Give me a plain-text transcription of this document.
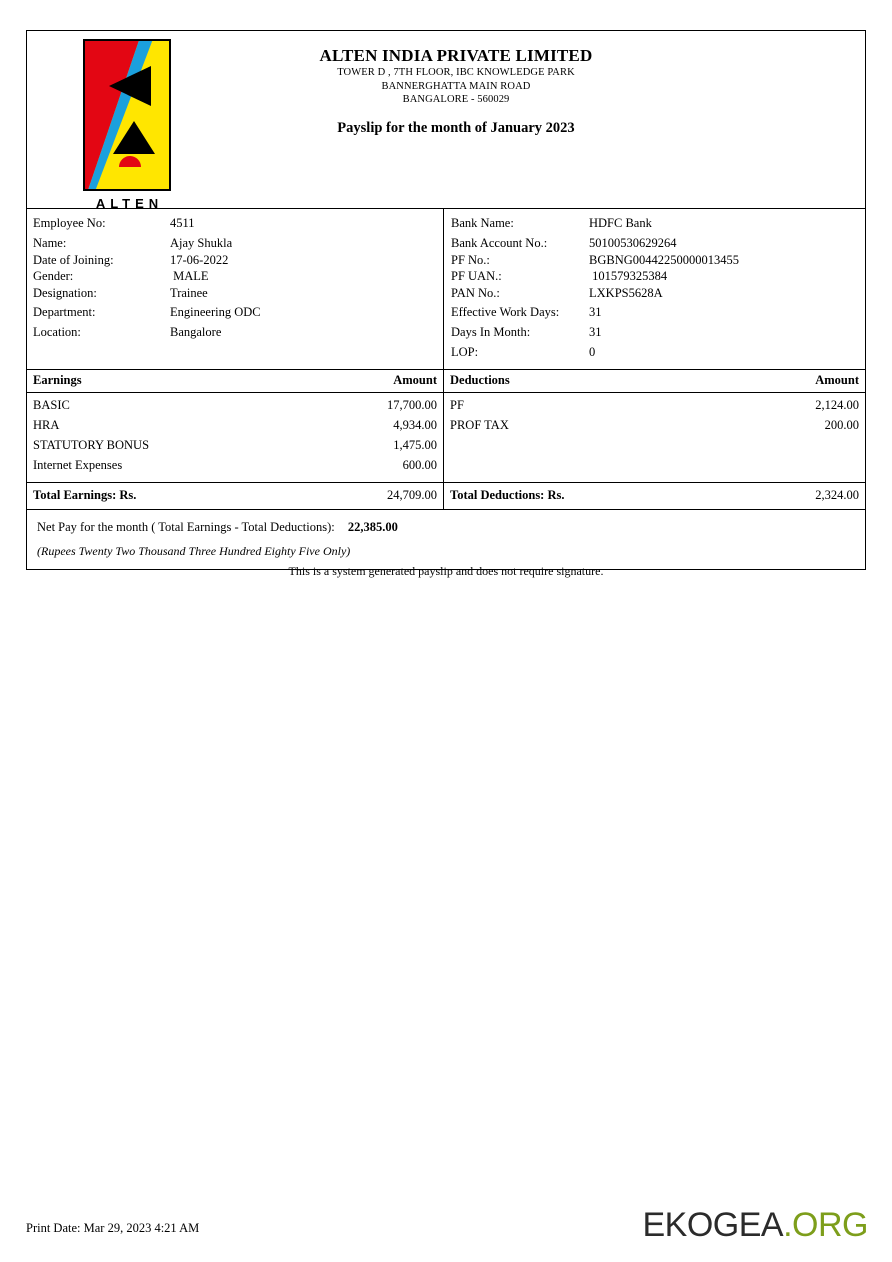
ALTEN
ALTEN INDIA PRIVATE LIMITED
TOWER D , 7TH FLOOR, IBC KNOWLEDGE PARK
BANNERGHATTA MAIN ROAD
BANGALORE - 560029
Payslip for the month of January 2023
Employee No:	4511
Name:	Ajay Shukla
Date of Joining:	17-06-2022
Gender:	MALE
Designation:	Trainee
Department:	Engineering ODC
Location:	Bangalore
Bank Name:	HDFC Bank
Bank Account No.:	50100530629264
PF No.:	BGBNG00442250000013455
PF UAN.:	101579325384
PAN No.:	LXKPS5628A
Effective Work Days:	31
Days In Month:	31
LOP:	0
Earnings	Amount
BASIC	17,700.00
HRA	4,934.00
STATUTORY BONUS	1,475.00
Internet Expenses	600.00
Total Earnings: Rs.	24,709.00
Deductions	Amount
PF	2,124.00
PROF TAX	200.00
Total Deductions: Rs.	2,324.00
Net Pay for the month ( Total Earnings - Total Deductions): 22,385.00
(Rupees Twenty Two Thousand Three Hundred Eighty Five Only)
This is a system generated payslip and does not require signature.
Print Date: Mar 29, 2023 4:21 AM	EKOGEA.ORG
